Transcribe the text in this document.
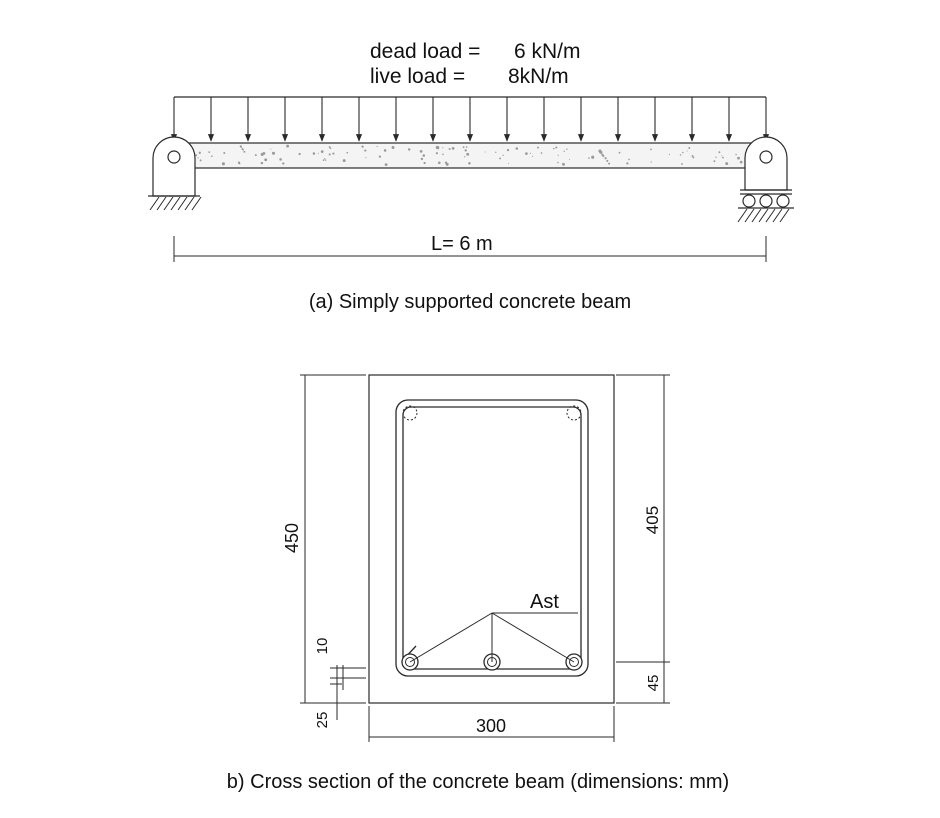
dead load = 6 kN/m
live load = 8kN/m
L= 6 m
(a) Simply supported concrete beam
Ast
450
10
25
405
45
300
b) Cross section of the concrete beam (dimensions: mm)
